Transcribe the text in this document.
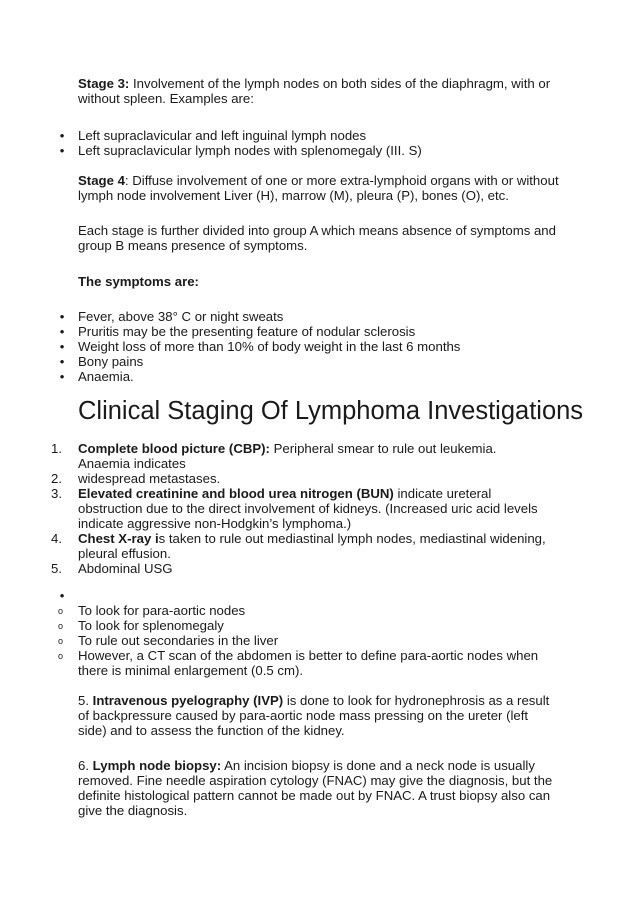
Stage 3: Involvement of the lymph nodes on both sides of the diaphragm, with or without spleen. Examples are:

• Left supraclavicular and left inguinal lymph nodes
• Left supraclavicular lymph nodes with splenomegaly (III. S)

Stage 4: Diffuse involvement of one or more extra-lymphoid organs with or without lymph node involvement Liver (H), marrow (M), pleura (P), bones (O), etc.

Each stage is further divided into group A which means absence of symptoms and group B means presence of symptoms.

The symptoms are:

• Fever, above 38° C or night sweats
• Pruritis may be the presenting feature of nodular sclerosis
• Weight loss of more than 10% of body weight in the last 6 months
• Bony pains
• Anaemia.
Clinical Staging Of Lymphoma Investigations
1.	Complete blood picture (CBP): Peripheral smear to rule out leukemia. Anaemia indicates
2.	widespread metastases.
3.	Elevated creatinine and blood urea nitrogen (BUN) indicate ureteral obstruction due to the direct involvement of kidneys. (Increased uric acid levels indicate aggressive non-Hodgkin’s lymphoma.)
4.	Chest X-ray is taken to rule out mediastinal lymph nodes, mediastinal widening, pleural effusion.
5.	Abdominal USG
•
o To look for para-aortic nodes
o To look for splenomegaly
o To rule out secondaries in the liver
o However, a CT scan of the abdomen is better to define para-aortic nodes when there is minimal enlargement (0.5 cm).

5. Intravenous pyelography (IVP) is done to look for hydronephrosis as a result of backpressure caused by para-aortic node mass pressing on the ureter (left side) and to assess the function of the kidney.

6. Lymph node biopsy: An incision biopsy is done and a neck node is usually removed. Fine needle aspiration cytology (FNAC) may give the diagnosis, but the definite histological pattern cannot be made out by FNAC. A trust biopsy also can give the diagnosis.
